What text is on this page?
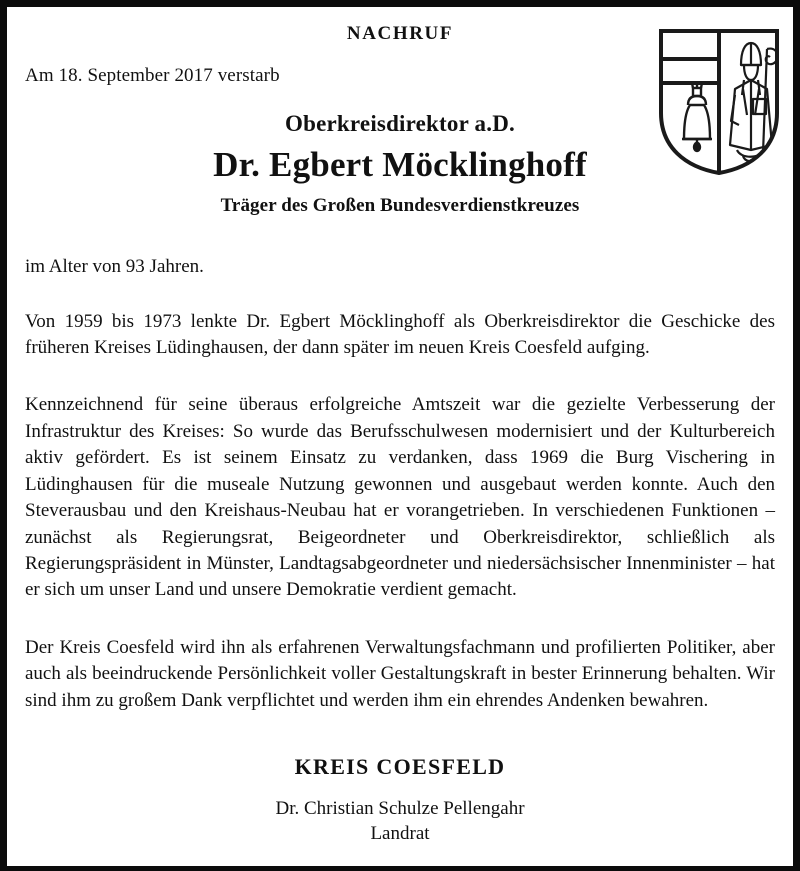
NACHRUF
Am 18. September 2017 verstarb
Oberkreisdirektor a.D.
Dr. Egbert Möcklinghoff
Träger des Großen Bundesverdienstkreuzes
im Alter von 93 Jahren.
Von 1959 bis 1973 lenkte Dr. Egbert Möcklinghoff als Oberkreisdirektor die Geschicke des früheren Kreises Lüdinghausen, der dann später im neuen Kreis Coesfeld aufging.
Kennzeichnend für seine überaus erfolgreiche Amtszeit war die gezielte Verbesserung der Infrastruktur des Kreises: So wurde das Berufsschulwesen modernisiert und der Kulturbereich aktiv gefördert. Es ist seinem Einsatz zu verdanken, dass 1969 die Burg Vischering in Lüdinghausen für die museale Nutzung gewonnen und ausgebaut werden konnte. Auch den Steverausbau und den Kreishaus-Neubau hat er vorangetrieben. In verschiedenen Funktionen – zunächst als Regierungsrat, Beigeordneter und Oberkreisdirektor, schließlich als Regierungspräsident in Münster, Landtagsabgeordneter und niedersächsischer Innenminister – hat er sich um unser Land und unsere Demokratie verdient gemacht.
Der Kreis Coesfeld wird ihn als erfahrenen Verwaltungsfachmann und profilierten Politiker, aber auch als beeindruckende Persönlichkeit voller Gestaltungskraft in bester Erinnerung behalten. Wir sind ihm zu großem Dank verpflichtet und werden ihm ein ehrendes Andenken bewahren.
KREIS COESFELD
Dr. Christian Schulze Pellengahr
Landrat
